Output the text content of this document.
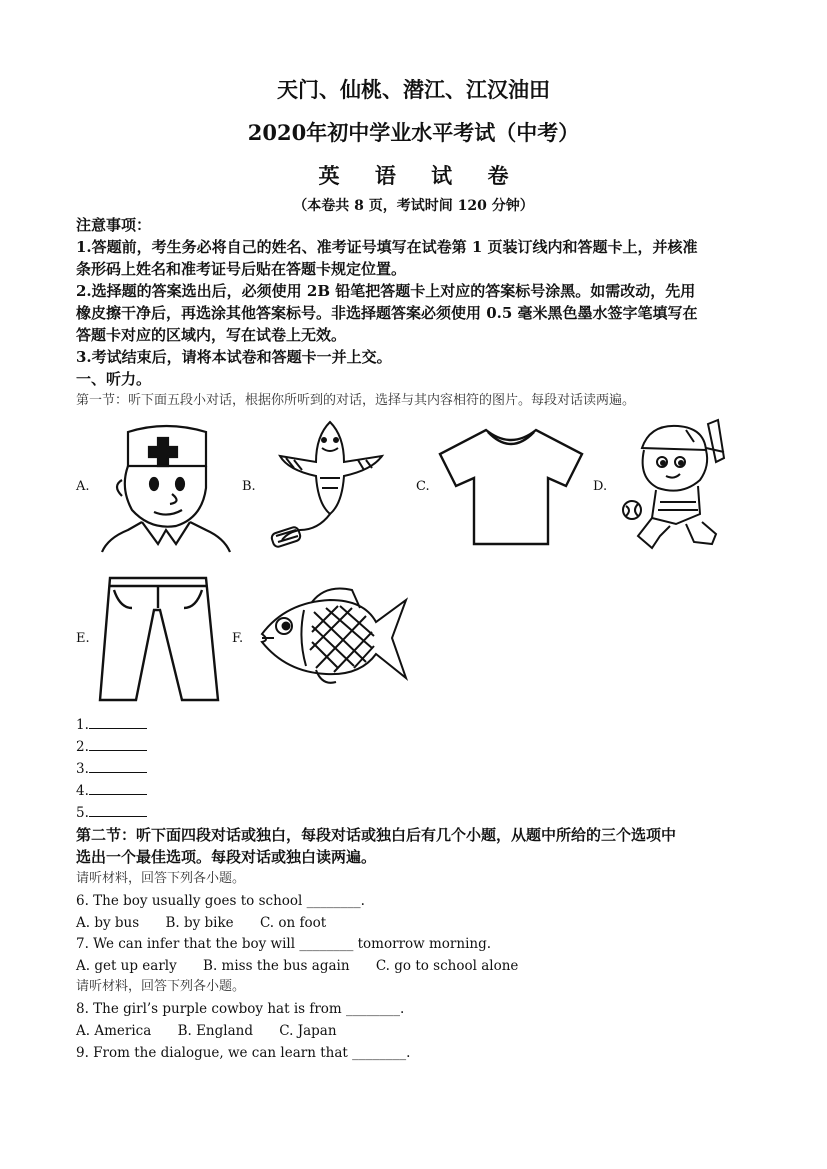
天门、仙桃、潜江、江汉油田
2020年初中学业水平考试（中考）
英 语 试 卷
（本卷共 8 页，考试时间 120 分钟）
注意事项：
1.答题前，考生务必将自己的姓名、准考证号填写在试卷第 1 页装订线内和答题卡上，并核准
条形码上姓名和准考证号后贴在答题卡规定位置。
2.选择题的答案选出后，必须使用 2B 铅笔把答题卡上对应的答案标号涂黑。如需改动，先用
橡皮擦干净后，再选涂其他答案标号。非选择题答案必须使用 0.5 毫米黑色墨水签字笔填写在
答题卡对应的区域内，写在试卷上无效。
3.考试结束后，请将本试卷和答题卡一并上交。
一、听力。
第一节：听下面五段小对话，根据你所听到的对话，选择与其内容相符的图片。每段对话读两遍。
A.	B.	C.	D.
E.	F.
1.
2.
3.
4.
5.
第二节：听下面四段对话或独白，每段对话或独白后有几个小题，从题中所给的三个选项中
选出一个最佳选项。每段对话或独白读两遍。
请听材料，回答下列各小题。
6. The boy usually goes to school ________.
A. by bus B. by bike C. on foot
7. We can infer that the boy will ________ tomorrow morning.
A. get up early B. miss the bus again C. go to school alone
请听材料，回答下列各小题。
8. The girl’s purple cowboy hat is from ________.
A. America B. England C. Japan
9. From the dialogue, we can learn that ________.
